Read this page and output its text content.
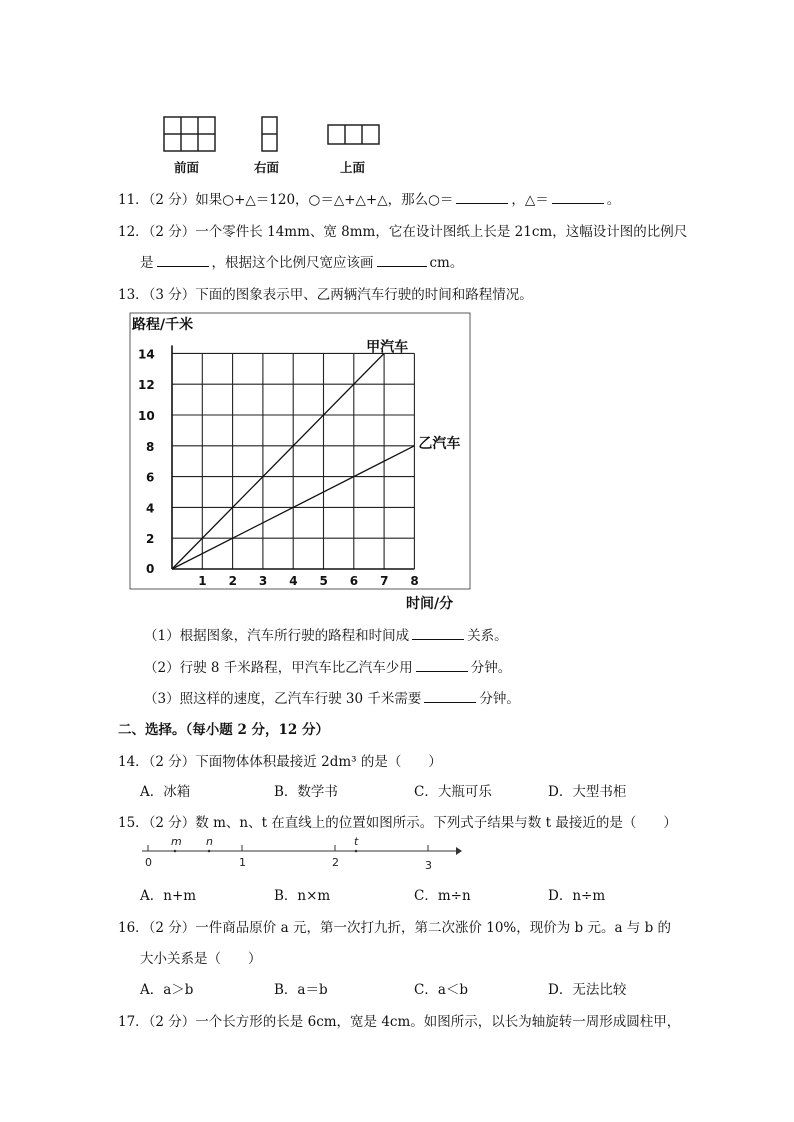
前面	右面	上面
11．（2 分）如果○+△＝120，○＝△+△+△，那么○＝	，△＝	。
12．（2 分）一个零件长 14mm、宽 8mm，它在设计图纸上长是 21cm，这幅设计图的比例尺
是	，根据这个比例尺宽应该画	cm。
13．（3 分）下面的图象表示甲、乙两辆汽车行驶的时间和路程情况。
1 2 3 4 5 6 7 8
0
2
4
6
8
10
12
14
路程/千米
时间/分
甲汽车
乙汽车
（1）根据图象，汽车所行驶的路程和时间成	关系。
（2）行驶 8 千米路程，甲汽车比乙汽车少用	分钟。
（3）照这样的速度，乙汽车行驶 30 千米需要	分钟。
二、选择。（每小题 2 分，12 分）
14．（2 分）下面物体体积最接近 2dm³ 的是（　　）
A．冰箱	B．数学书	C．大瓶可乐	D．大型书柜
15．（2 分）数 m、n、t 在直线上的位置如图所示。下列式子结果与数 t 最接近的是（　　）
m n	t
0	1	2	3
A．n+m	B．n×m	C．m÷n	D．n÷m
16．（2 分）一件商品原价 a 元，第一次打九折，第二次涨价 10%，现价为 b 元。a 与 b 的
大小关系是（　　）
A．a＞b	B．a＝b	C．a＜b	D．无法比较
17．（2 分）一个长方形的长是 6cm，宽是 4cm。如图所示，以长为轴旋转一周形成圆柱甲，
